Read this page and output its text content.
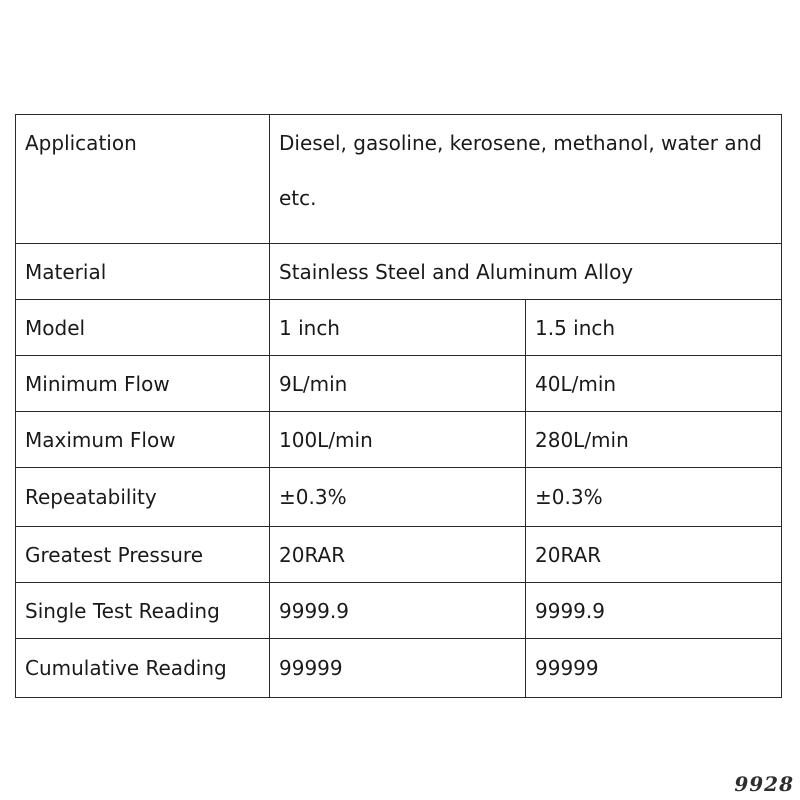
Application	Diesel, gasoline, kerosene, methanol, water and etc.	
Material	Stainless Steel and Aluminum Alloy	
Model	1 inch	1.5 inch
Minimum Flow	9L/min	40L/min
Maximum Flow	100L/min	280L/min
Repeatability	±0.3%	±0.3%
Greatest Pressure	20RAR	20RAR
Single Test Reading	9999.9	9999.9
Cumulative Reading	99999	99999
9928
